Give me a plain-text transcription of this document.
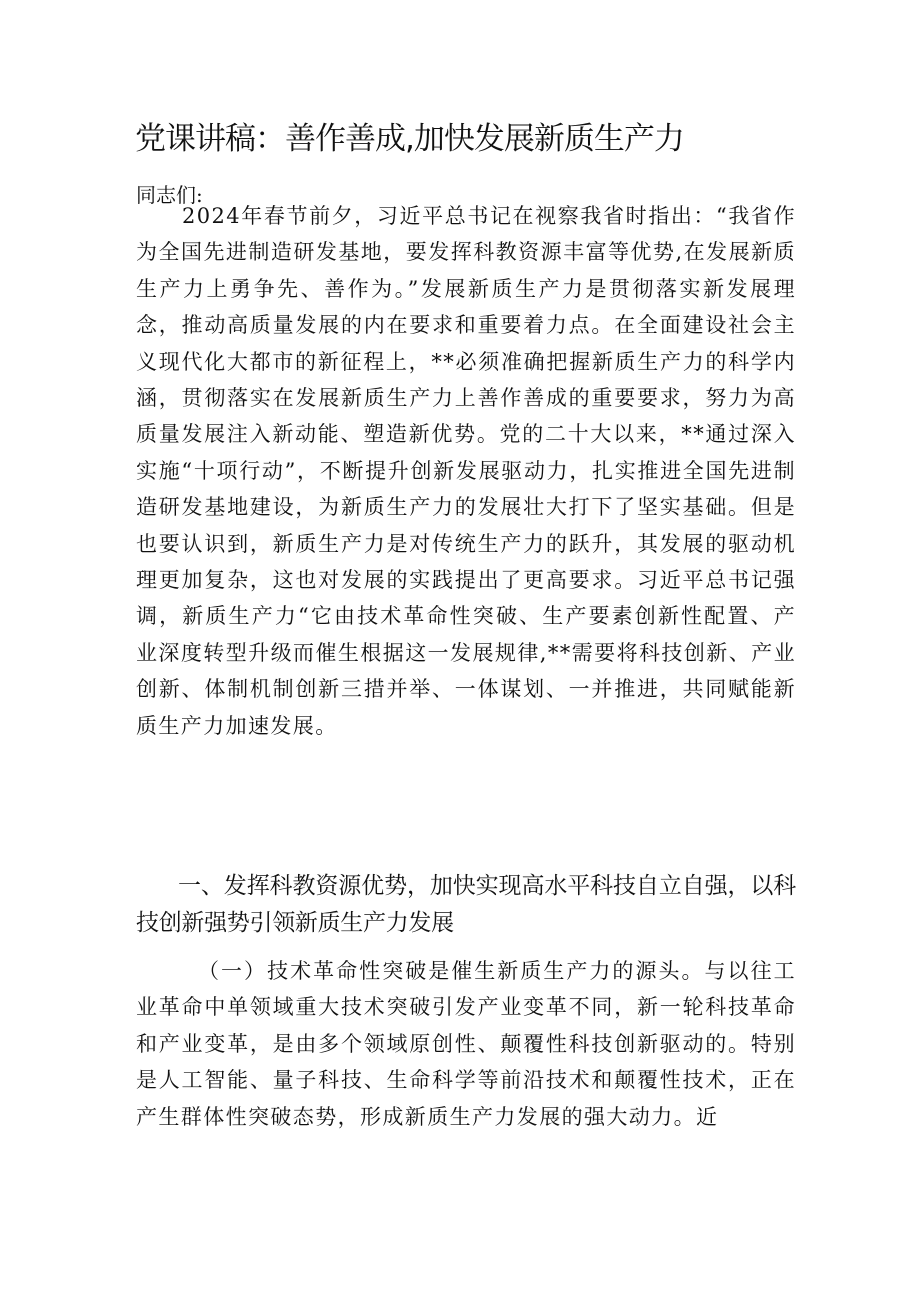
党课讲稿：善作善成,加快发展新质生产力
同志们:

2024年春节前夕，习近平总书记在视察我省时指出：“我省作为全国先进制造研发基地，要发挥科教资源丰富等优势,在发展新质生产力上勇争先、善作为。”发展新质生产力是贯彻落实新发展理念，推动高质量发展的内在要求和重要着力点。在全面建设社会主义现代化大都市的新征程上，**必须准确把握新质生产力的科学内涵，贯彻落实在发展新质生产力上善作善成的重要要求，努力为高质量发展注入新动能、塑造新优势。党的二十大以来，**通过深入实施“十项行动”，不断提升创新发展驱动力，扎实推进全国先进制造研发基地建设，为新质生产力的发展壮大打下了坚实基础。但是也要认识到，新质生产力是对传统生产力的跃升，其发展的驱动机理更加复杂，这也对发展的实践提出了更高要求。习近平总书记强调，新质生产力“它由技术革命性突破、生产要素创新性配置、产业深度转型升级而催生根据这一发展规律,**需要将科技创新、产业创新、体制机制创新三措并举、一体谋划、一并推进，共同赋能新质生产力加速发展。

一、发挥科教资源优势，加快实现高水平科技自立自强，以科技创新强势引领新质生产力发展

（一）技术革命性突破是催生新质生产力的源头。与以往工业革命中单领域重大技术突破引发产业变革不同，新一轮科技革命和产业变革，是由多个领域原创性、颠覆性科技创新驱动的。特别是人工智能、量子科技、生命科学等前沿技术和颠覆性技术，正在产生群体性突破态势，形成新质生产力发展的强大动力。近
